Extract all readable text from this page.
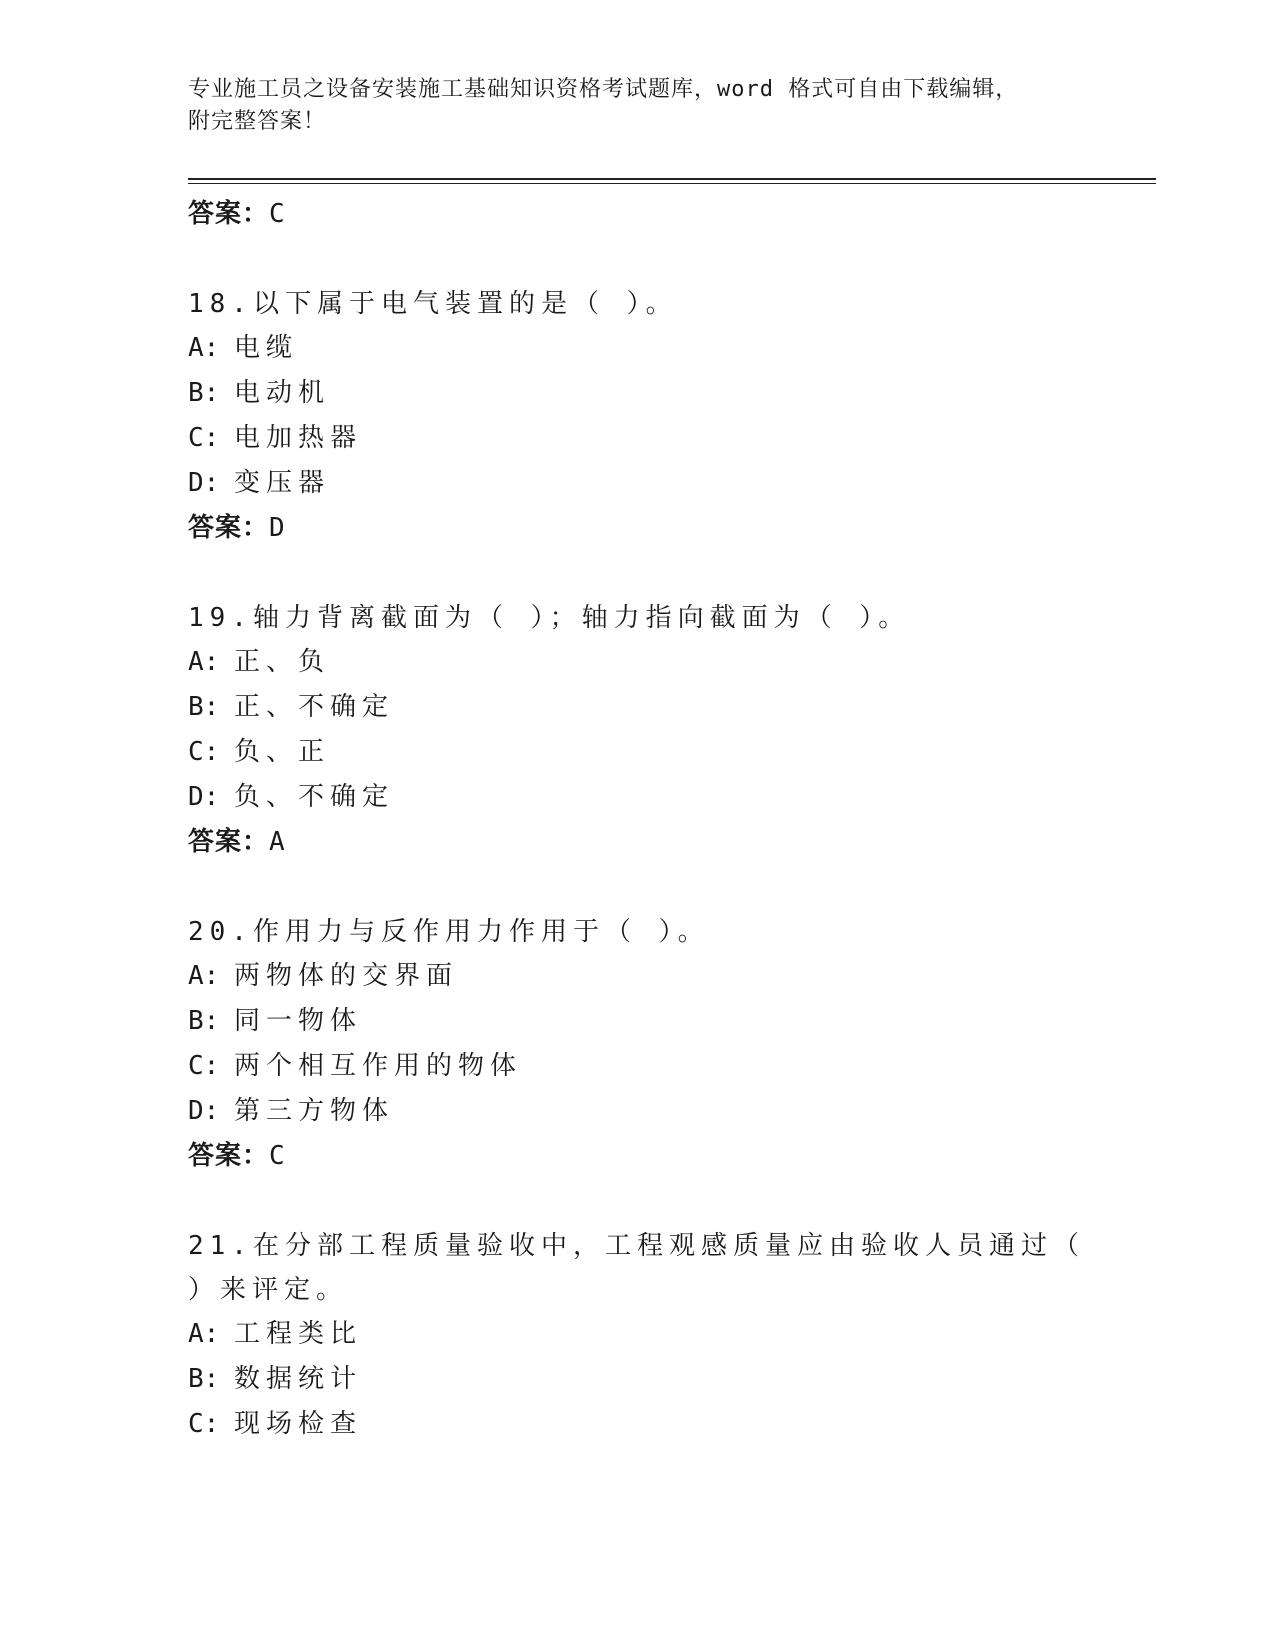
专业施工员之设备安装施工基础知识资格考试题库，word 格式可自由下载编辑，
附完整答案！
答案：C
18.以下属于电气装置的是（ ）。
A: 电缆
B: 电动机
C: 电加热器
D: 变压器
答案：D
19.轴力背离截面为（ ）；轴力指向截面为（ ）。
A: 正、负
B: 正、不确定
C: 负、正
D: 负、不确定
答案：A
20.作用力与反作用力作用于（ ）。
A: 两物体的交界面
B: 同一物体
C: 两个相互作用的物体
D: 第三方物体
答案：C
21.在分部工程质量验收中，工程观感质量应由验收人员通过（ ）来评定。
A: 工程类比
B: 数据统计
C: 现场检查
